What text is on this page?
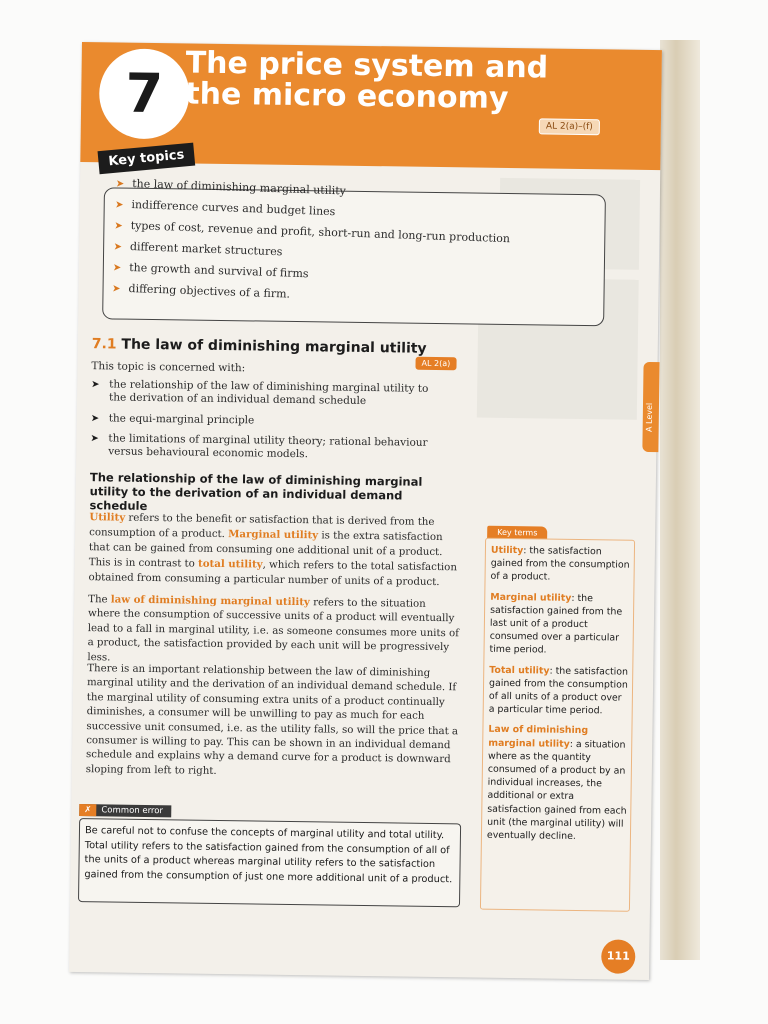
7 The price system and
the micro economy
AL 2(a)–(f)
Key topics
➤ the law of diminishing marginal utility
➤ indifference curves and budget lines
➤ types of cost, revenue and profit, short-run and long-run production
➤ different market structures
➤ the growth and survival of firms
➤ differing objectives of a firm.
7.1 The law of diminishing marginal utility
AL 2(a)
This topic is concerned with:
➤ the relationship of the law of diminishing marginal utility to the derivation of an individual demand schedule
➤ the equi-marginal principle
➤ the limitations of marginal utility theory; rational behaviour versus behavioural economic models.
The relationship of the law of diminishing marginal utility to the derivation of an individual demand schedule
Utility refers to the benefit or satisfaction that is derived from the consumption of a product. Marginal utility is the extra satisfaction that can be gained from consuming one additional unit of a product. This is in contrast to total utility, which refers to the total satisfaction obtained from consuming a particular number of units of a product.
The law of diminishing marginal utility refers to the situation where the consumption of successive units of a product will eventually lead to a fall in marginal utility, i.e. as someone consumes more units of a product, the satisfaction provided by each unit will be progressively less.
There is an important relationship between the law of diminishing marginal utility and the derivation of an individual demand schedule. If the marginal utility of consuming extra units of a product continually diminishes, a consumer will be unwilling to pay as much for each successive unit consumed, i.e. as the utility falls, so will the price that a consumer is willing to pay. This can be shown in an individual demand schedule and explains why a demand curve for a product is downward sloping from left to right.
✗ Common error
Be careful not to confuse the concepts of marginal utility and total utility. Total utility refers to the satisfaction gained from the consumption of all of the units of a product whereas marginal utility refers to the satisfaction gained from the consumption of just one more additional unit of a product.
Key terms

Utility: the satisfaction gained from the consumption of a product.

Marginal utility: the satisfaction gained from the last unit of a product consumed over a particular time period.

Total utility: the satisfaction gained from the consumption of all units of a product over a particular time period.

Law of diminishing marginal utility: a situation where as the quantity consumed of a product by an individual increases, the additional or extra satisfaction gained from each unit (the marginal utility) will eventually decline.

A Level
111
